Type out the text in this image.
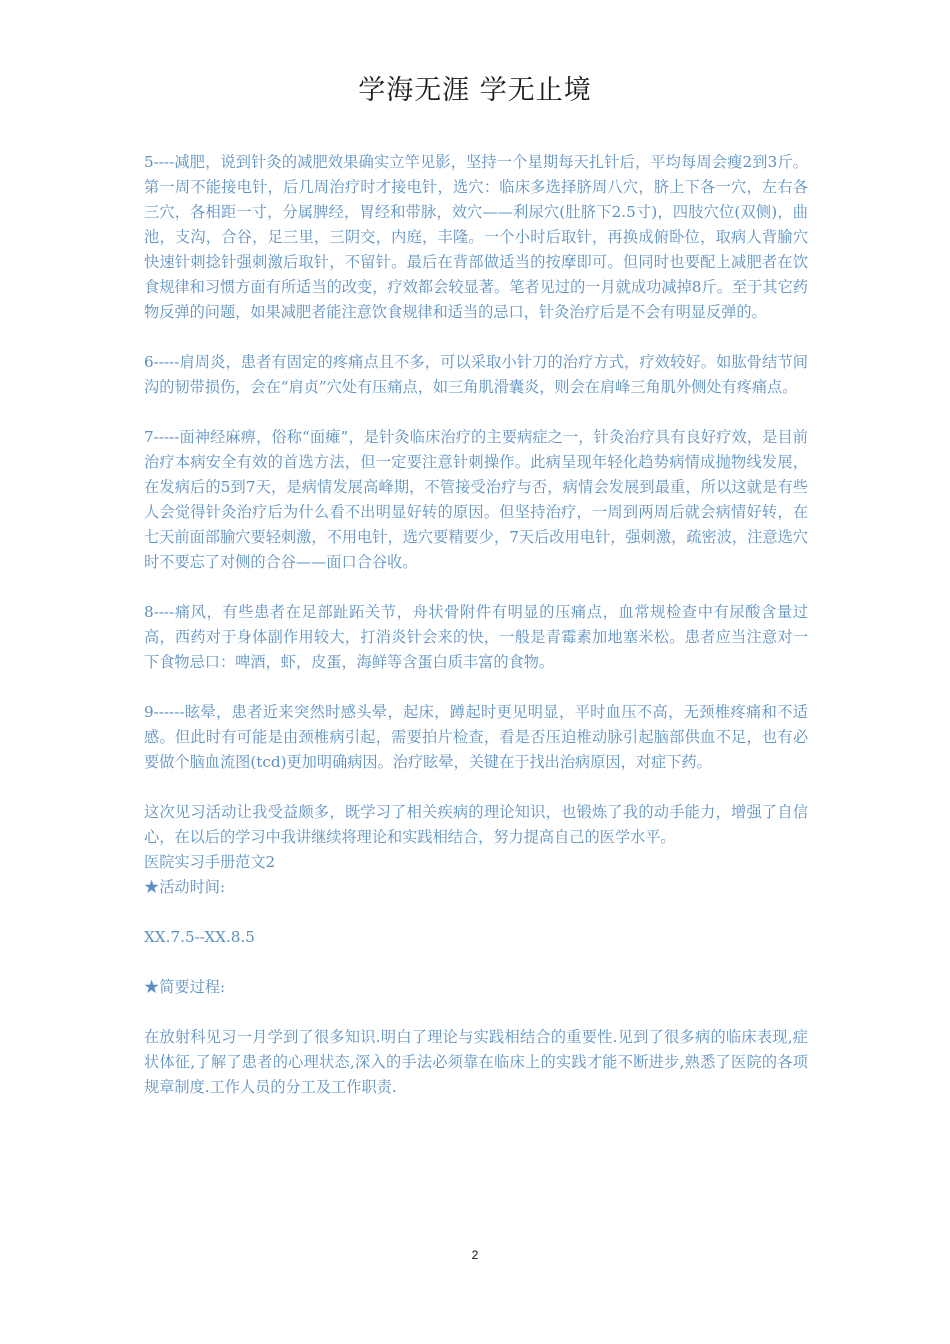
学海无涯 学无止境

5----减肥，说到针灸的减肥效果确实立竿见影，坚持一个星期每天扎针后，平均每周会瘦2到3斤。第一周不能接电针，后几周治疗时才接电针，选穴：临床多选择脐周八穴，脐上下各一穴，左右各三穴，各相距一寸，分属脾经，胃经和带脉，效穴——利尿穴(肚脐下2.5寸)，四肢穴位(双侧)，曲池，支沟，合谷，足三里，三阴交，内庭，丰隆。一个小时后取针，再换成俯卧位，取病人背腧穴快速针刺捻针强刺激后取针，不留针。最后在背部做适当的按摩即可。但同时也要配上减肥者在饮食规律和习惯方面有所适当的改变，疗效都会较显著。笔者见过的一月就成功减掉8斤。至于其它药物反弹的问题，如果减肥者能注意饮食规律和适当的忌口，针灸治疗后是不会有明显反弹的。

6-----肩周炎，患者有固定的疼痛点且不多，可以采取小针刀的治疗方式，疗效较好。如肱骨结节间沟的韧带损伤，会在“肩贞”穴处有压痛点，如三角肌滑囊炎，则会在肩峰三角肌外侧处有疼痛点。

7-----面神经麻痹，俗称“面瘫”，是针灸临床治疗的主要病症之一，针灸治疗具有良好疗效，是目前治疗本病安全有效的首选方法，但一定要注意针刺操作。此病呈现年轻化趋势病情成抛物线发展，在发病后的5到7天，是病情发展高峰期，不管接受治疗与否，病情会发展到最重，所以这就是有些人会觉得针灸治疗后为什么看不出明显好转的原因。但坚持治疗，一周到两周后就会病情好转，在七天前面部腧穴要轻刺激，不用电针，选穴要精要少，7天后改用电针，强刺激，疏密波，注意选穴时不要忘了对侧的合谷——面口合谷收。

8----痛风，有些患者在足部趾跖关节，舟状骨附件有明显的压痛点，血常规检查中有尿酸含量过高，西药对于身体副作用较大，打消炎针会来的快，一般是青霉素加地塞米松。患者应当注意对一下食物忌口：啤酒，虾，皮蛋，海鲜等含蛋白质丰富的食物。

9------眩晕，患者近来突然时感头晕，起床，蹲起时更见明显，平时血压不高，无颈椎疼痛和不适感。但此时有可能是由颈椎病引起，需要拍片检查，看是否压迫椎动脉引起脑部供血不足，也有必要做个脑血流图(tcd)更加明确病因。治疗眩晕，关键在于找出治病原因，对症下药。

这次见习活动让我受益颇多，既学习了相关疾病的理论知识，也锻炼了我的动手能力，增强了自信心，在以后的学习中我讲继续将理论和实践相结合，努力提高自己的医学水平。

医院实习手册范文2

★活动时间:

XX.7.5--XX.8.5

★简要过程:

在放射科见习一月学到了很多知识.明白了理论与实践相结合的重要性.见到了很多病的临床表现,症状体征,了解了患者的心理状态,深入的手法必须靠在临床上的实践才能不断进步,熟悉了医院的各项规章制度.工作人员的分工及工作职责.

2
